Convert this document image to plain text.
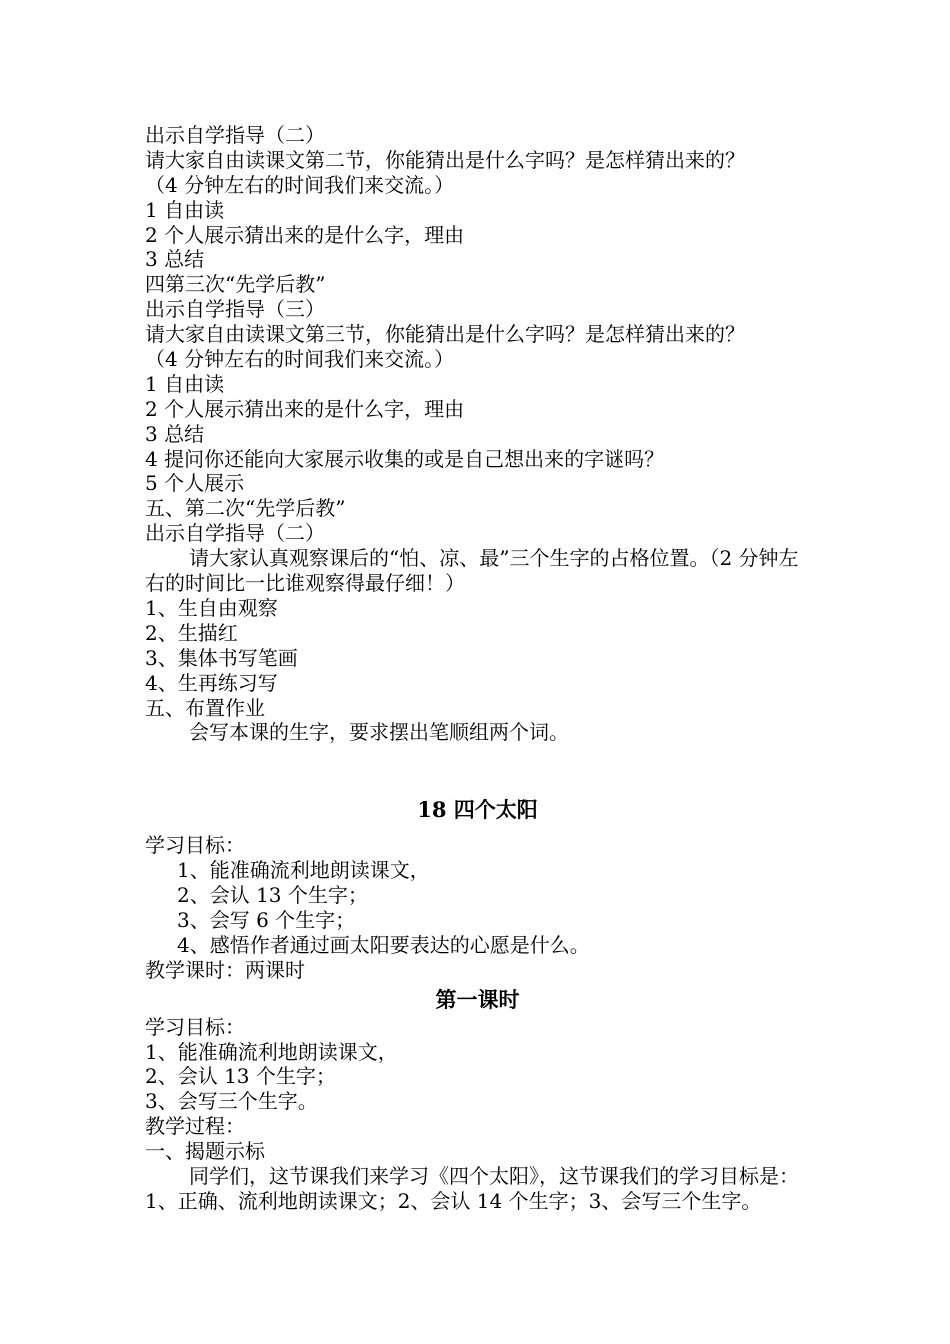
出示自学指导（二）
请大家自由读课文第二节，你能猜出是什么字吗？是怎样猜出来的？
（4 分钟左右的时间我们来交流。）
1 自由读
2 个人展示猜出来的是什么字，理由
3 总结
四第三次“先学后教”
出示自学指导（三）
请大家自由读课文第三节，你能猜出是什么字吗？是怎样猜出来的？
（4 分钟左右的时间我们来交流。）
1 自由读
2 个人展示猜出来的是什么字，理由
3 总结
4 提问你还能向大家展示收集的或是自己想出来的字谜吗？
5 个人展示
五、第二次“先学后教”
出示自学指导（二）
请大家认真观察课后的“怕、凉、最”三个生字的占格位置。（2 分钟左右的时间比一比谁观察得最仔细！）
1、生自由观察
2、生描红
3、集体书写笔画
4、生再练习写
五、布置作业
会写本课的生字，要求摆出笔顺组两个词。
18 四个太阳
学习目标：
1、能准确流利地朗读课文，
2、会认 13 个生字；
3、会写 6 个生字；
4、感悟作者通过画太阳要表达的心愿是什么。
教学课时：两课时
第一课时
学习目标：
1、能准确流利地朗读课文，
2、会认 13 个生字；
3、会写三个生字。
教学过程：
一、揭题示标
同学们，这节课我们来学习《四个太阳》，这节课我们的学习目标是：1、正确、流利地朗读课文；2、会认 14 个生字；3、会写三个生字。
